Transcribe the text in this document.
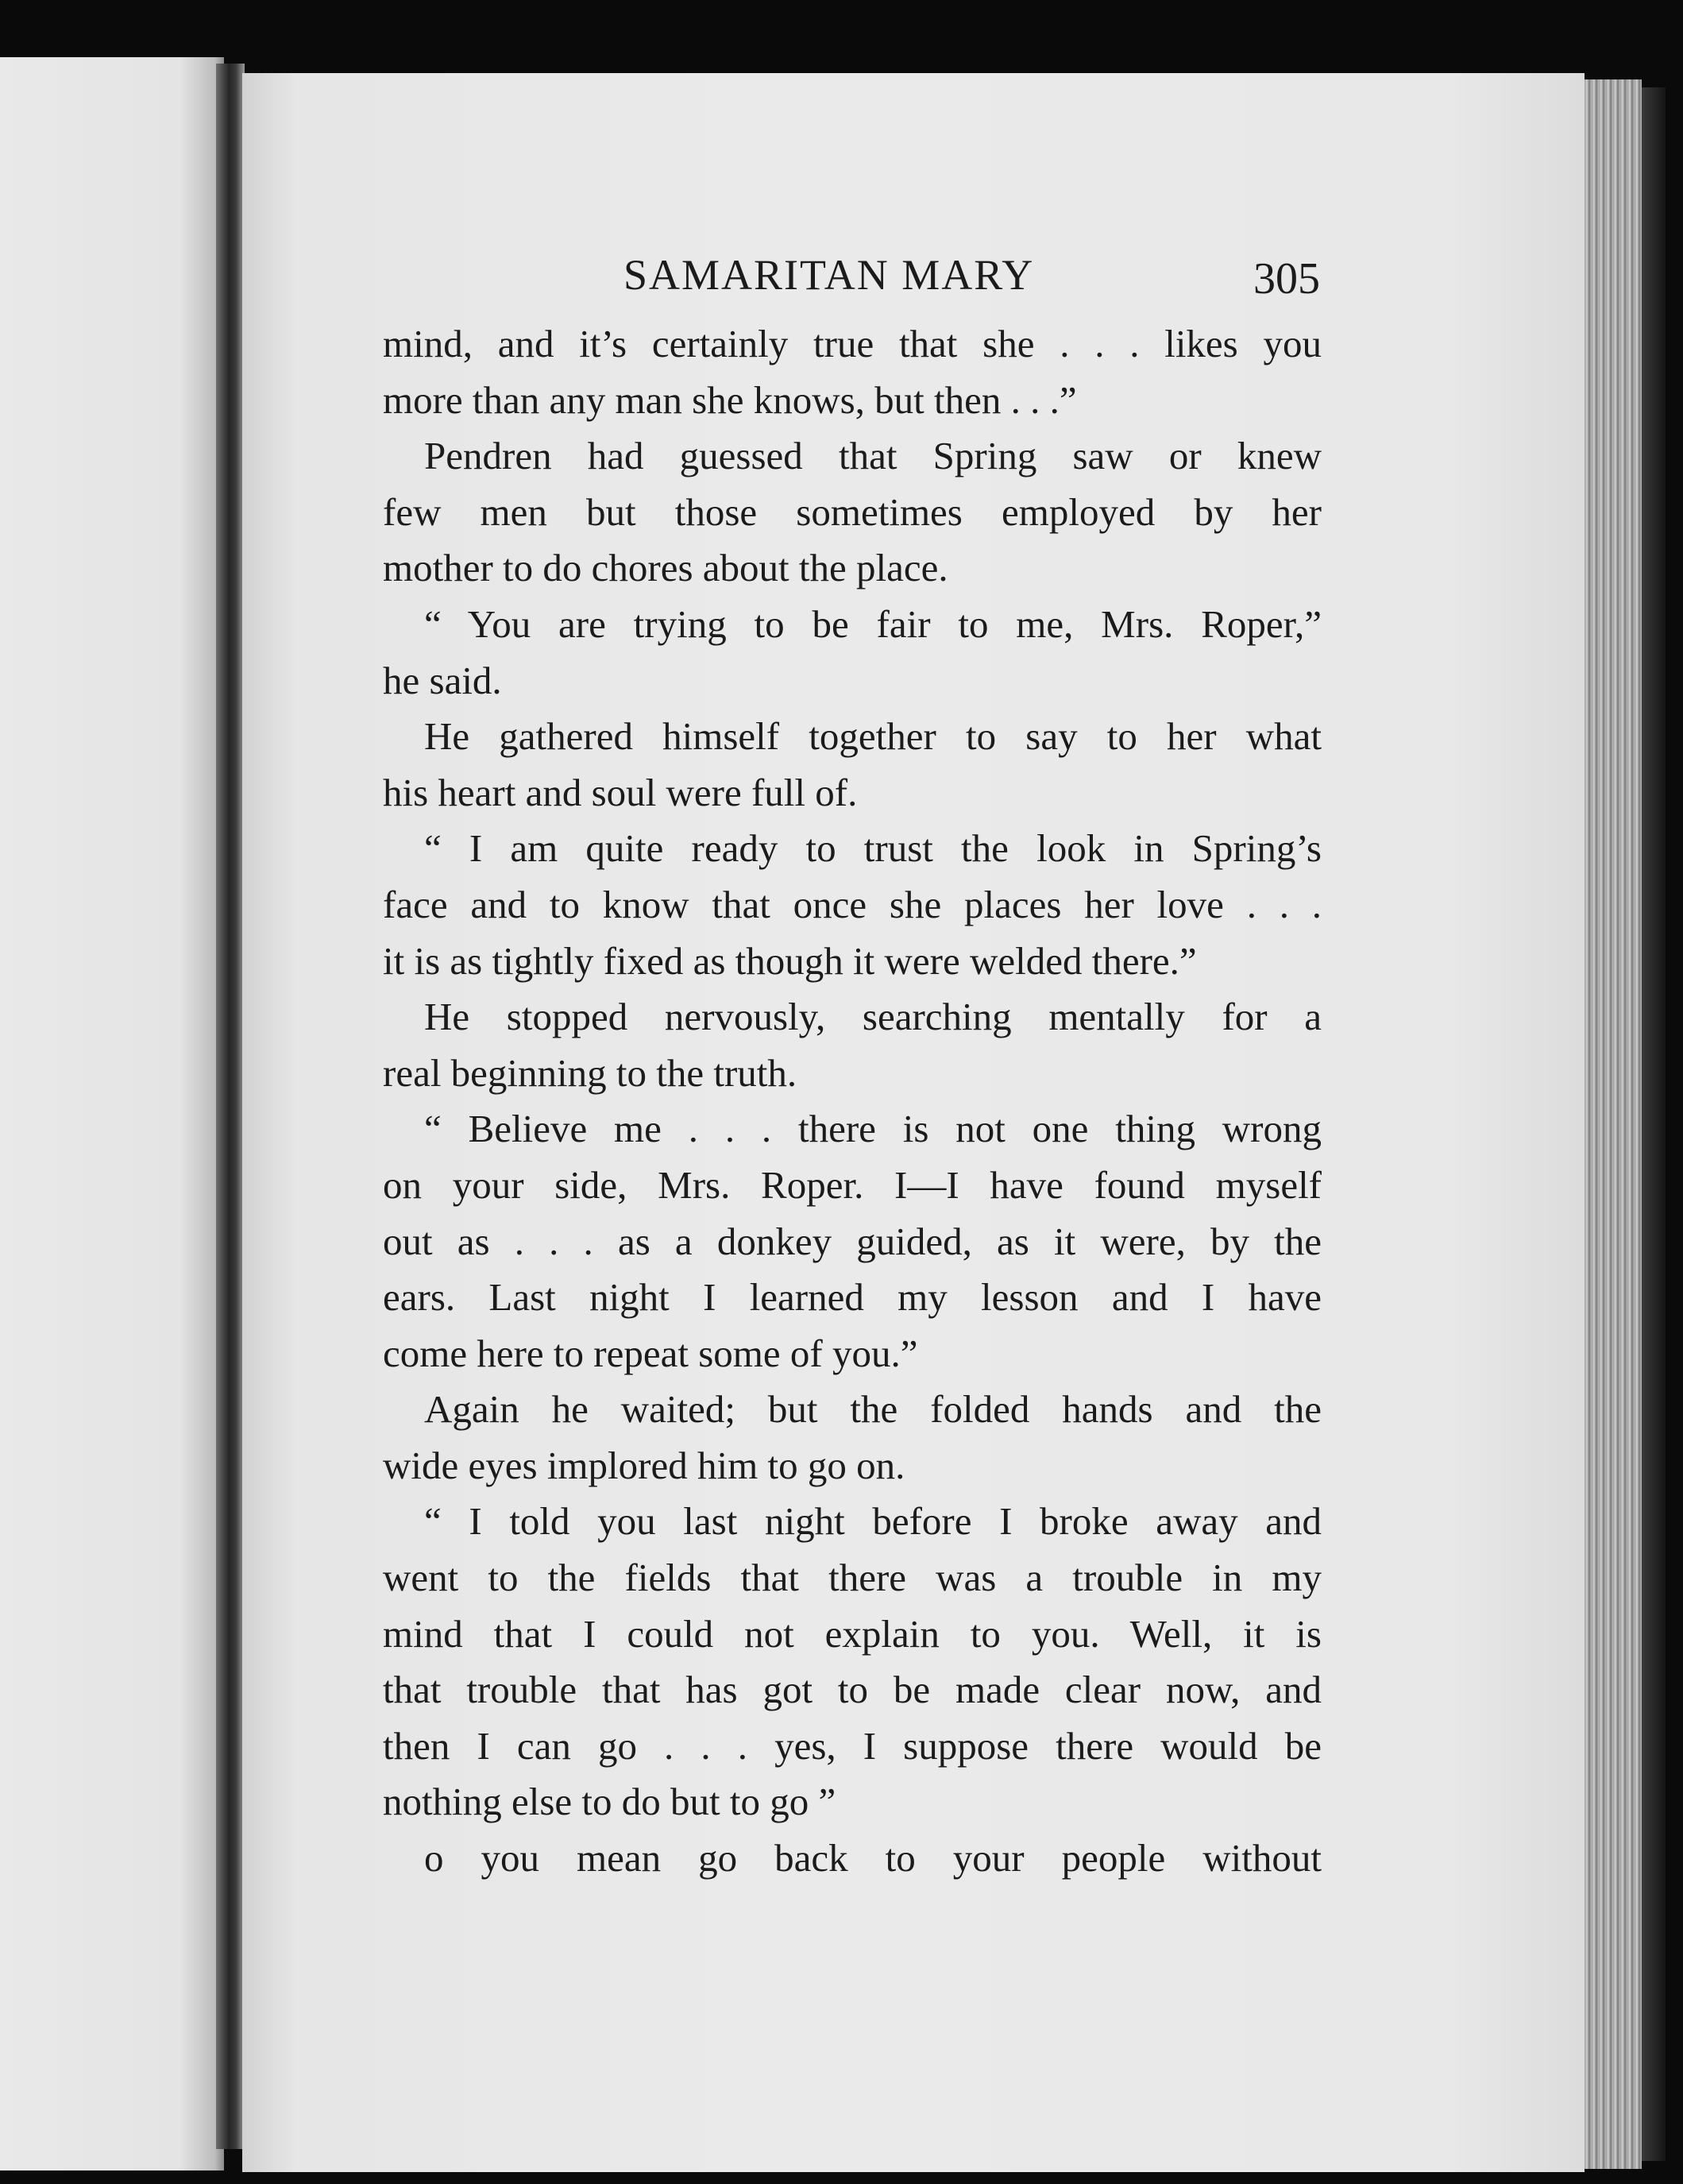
SAMARITAN MARY	305
mind, and it’s certainly true that she . . . likes you
more than any man she knows, but then . . .”
Pendren had guessed that Spring saw or knew
few men but those sometimes employed by her
mother to do chores about the place.
“ You are trying to be fair to me, Mrs. Roper,”
he said.
He gathered himself together to say to her what
his heart and soul were full of.
“ I am quite ready to trust the look in Spring’s
face and to know that once she places her love . . .
it is as tightly fixed as though it were welded there.”
He stopped nervously, searching mentally for a
real beginning to the truth.
“ Believe me . . . there is not one thing wrong
on your side, Mrs. Roper. I—I have found myself
out as . . . as a donkey guided, as it were, by the
ears. Last night I learned my lesson and I have
come here to repeat some of you.”
Again he waited; but the folded hands and the
wide eyes implored him to go on.
“ I told you last night before I broke away and
went to the fields that there was a trouble in my
mind that I could not explain to you. Well, it is
that trouble that has got to be made clear now, and
then I can go . . . yes, I suppose there would be
nothing else to do but to go ”
o you mean go back to your people without
